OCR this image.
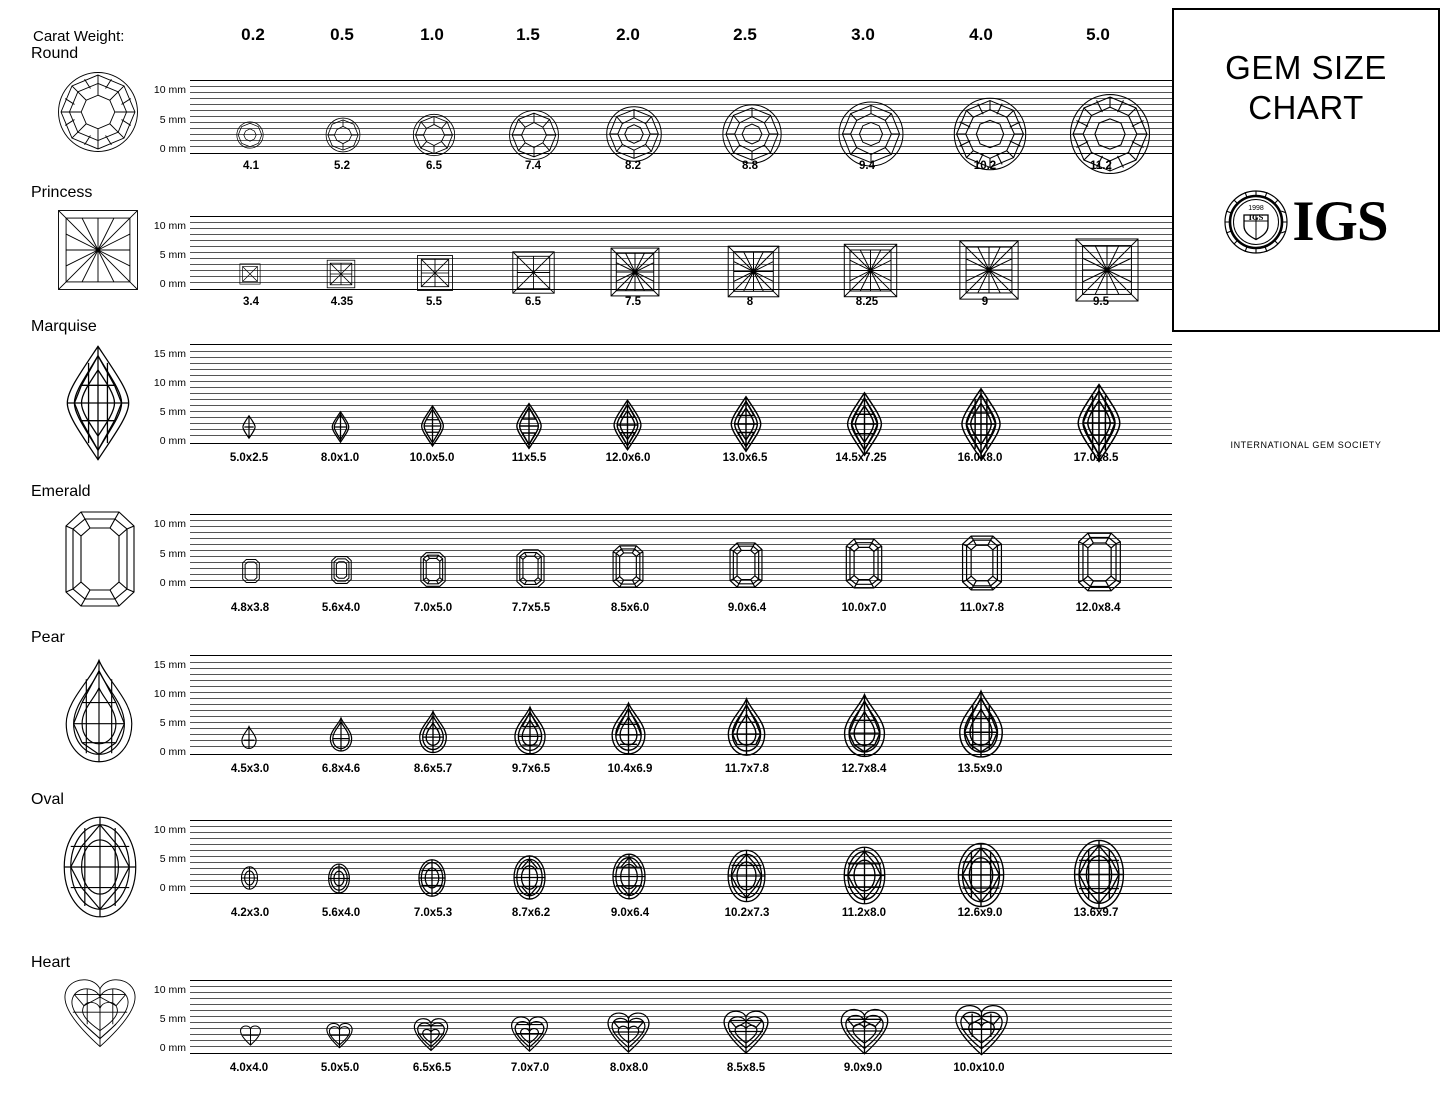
Carat Weight:	0.2	0.5	1.0	1.5	2.0	2.5	3.0	4.0	5.0
GEM SIZE
CHART
1998
IGS IGS
INTERNATIONAL GEM SOCIETY
Round
10 mm
5 mm
0 mm
4.1	5.2	6.5	7.4	8.2	8.8	9.4	10.2	11.2
Princess
10 mm
5 mm
0 mm
3.4	4.35	5.5	6.5	7.5	8	8.25	9	9.5
Marquise
15 mm
10 mm
5 mm
0 mm
5.0x2.5	8.0x1.0	10.0x5.0	11x5.5	12.0x6.0	13.0x6.5	14.5x7.25	16.0x8.0	17.0x8.5
Emerald
10 mm
5 mm
0 mm
4.8x3.8	5.6x4.0	7.0x5.0	7.7x5.5	8.5x6.0	9.0x6.4	10.0x7.0	11.0x7.8	12.0x8.4
Pear
15 mm
10 mm
5 mm
0 mm
4.5x3.0	6.8x4.6	8.6x5.7	9.7x6.5	10.4x6.9	11.7x7.8	12.7x8.4	13.5x9.0
Oval
10 mm
5 mm
0 mm
4.2x3.0	5.6x4.0	7.0x5.3	8.7x6.2	9.0x6.4	10.2x7.3	11.2x8.0	12.6x9.0	13.6x9.7
Heart
10 mm
5 mm
0 mm
4.0x4.0	5.0x5.0	6.5x6.5	7.0x7.0	8.0x8.0	8.5x8.5	9.0x9.0	10.0x10.0
